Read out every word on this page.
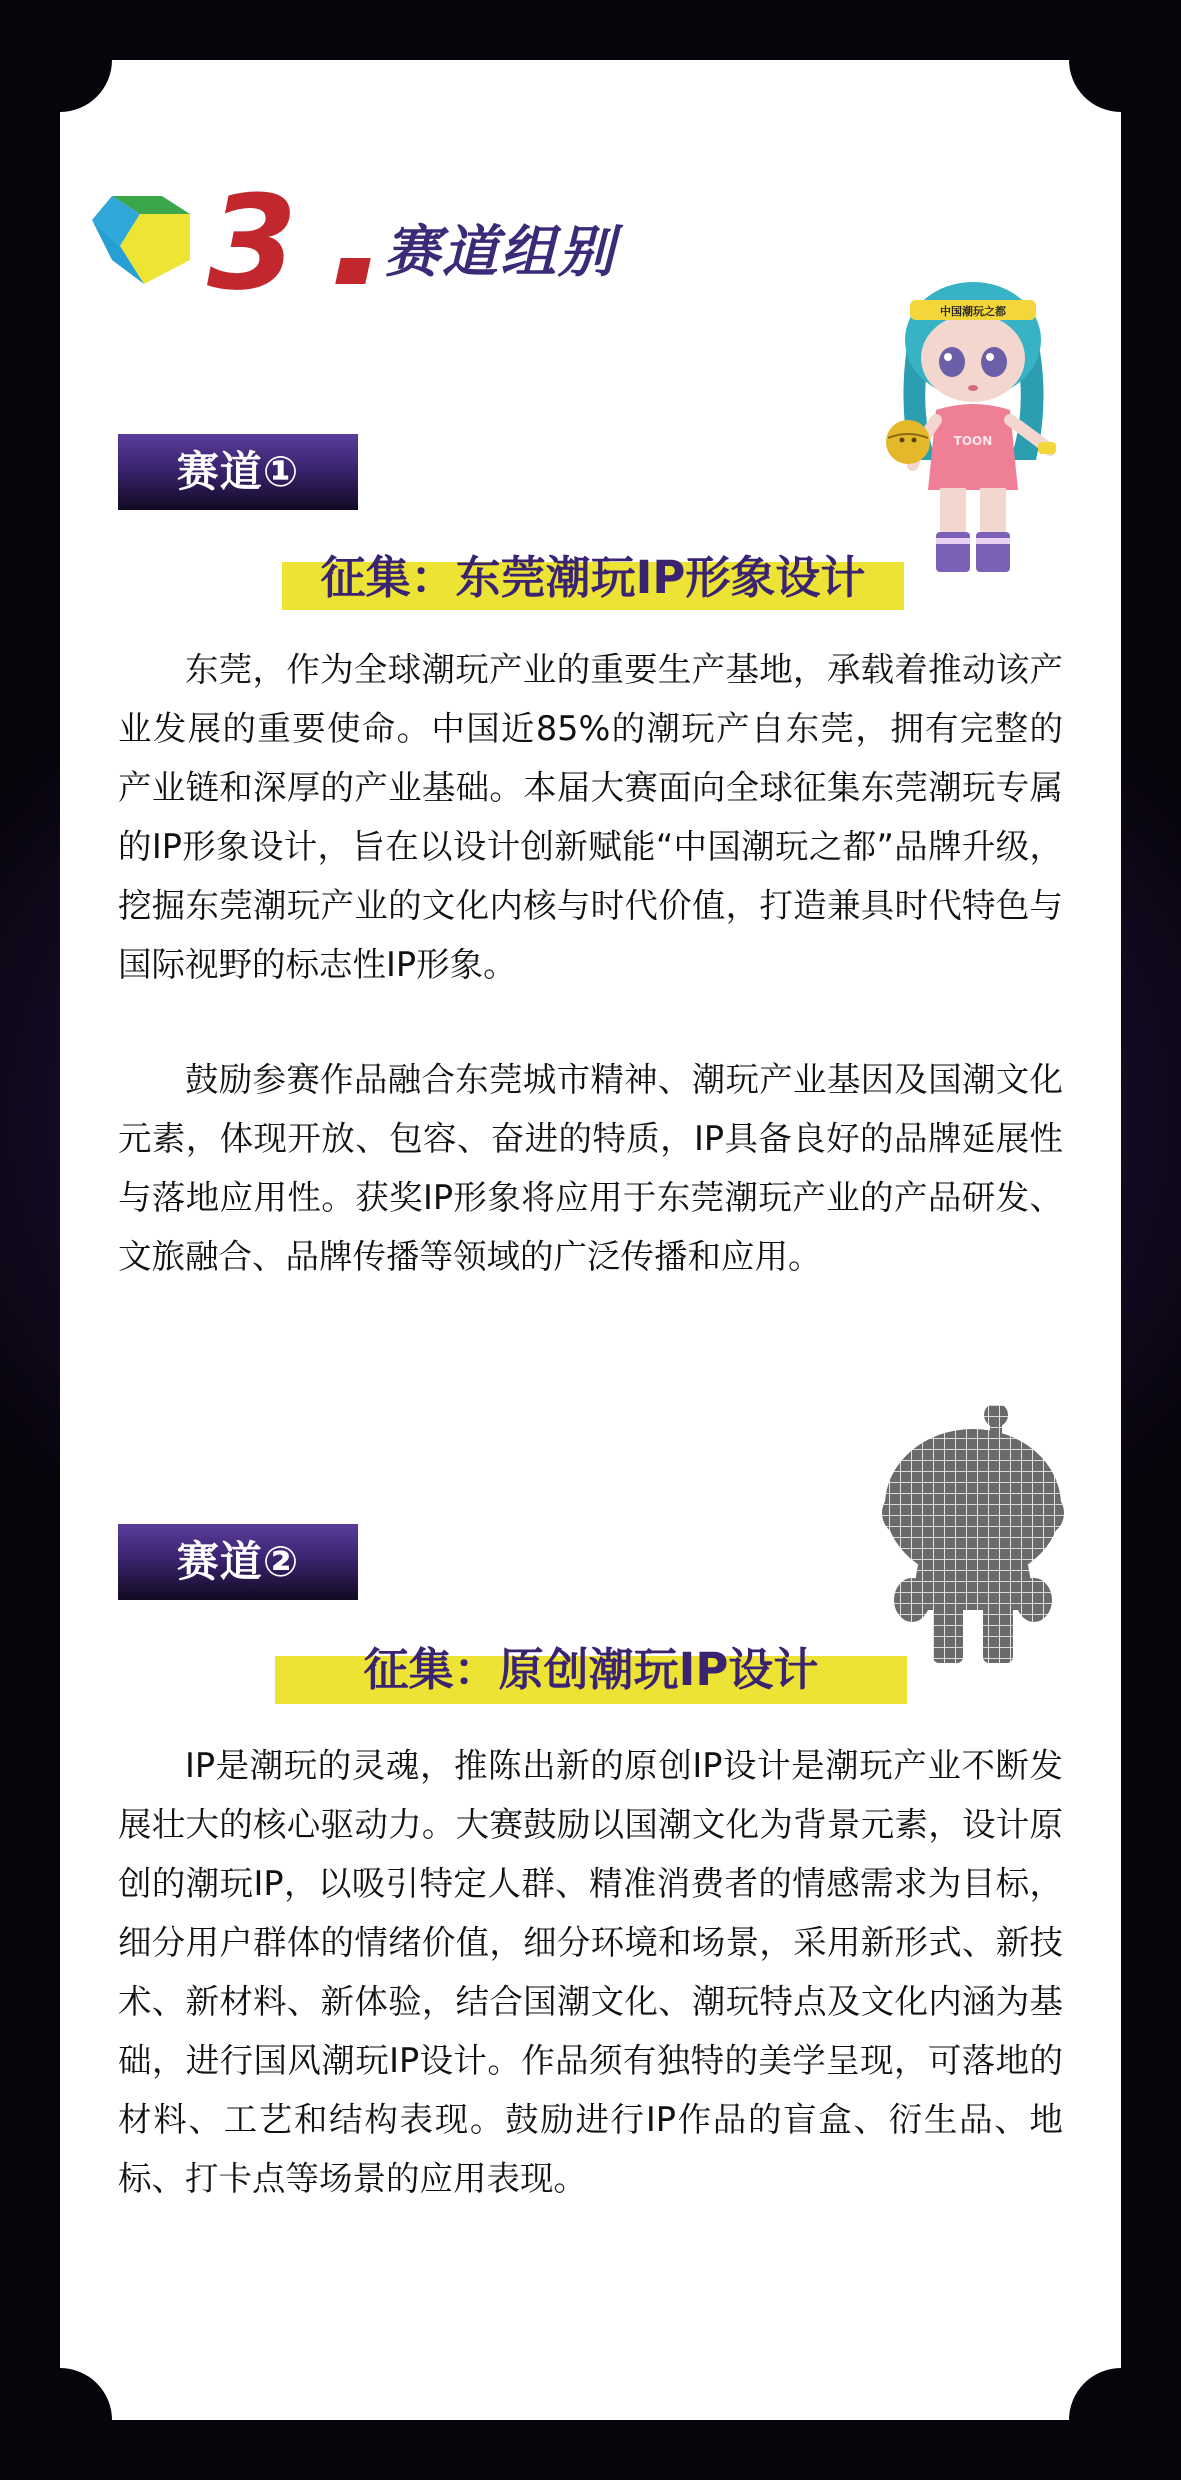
3 赛道组别
赛道①
征集：东莞潮玩IP形象设计
中国潮玩之都
TOON

东莞，作为全球潮玩产业的重要生产基地，承载着推动该产业发展的重要使命。中国近85%的潮玩产自东莞，拥有完整的产业链和深厚的产业基础。本届大赛面向全球征集东莞潮玩专属的IP形象设计，旨在以设计创新赋能“中国潮玩之都”品牌升级，挖掘东莞潮玩产业的文化内核与时代价值，打造兼具时代特色与国际视野的标志性IP形象。

鼓励参赛作品融合东莞城市精神、潮玩产业基因及国潮文化元素，体现开放、包容、奋进的特质，IP具备良好的品牌延展性与落地应用性。获奖IP形象将应用于东莞潮玩产业的产品研发、文旅融合、品牌传播等领域的广泛传播和应用。

赛道②
征集：原创潮玩IP设计

IP是潮玩的灵魂，推陈出新的原创IP设计是潮玩产业不断发展壮大的核心驱动力。大赛鼓励以国潮文化为背景元素，设计原创的潮玩IP，以吸引特定人群、精准消费者的情感需求为目标，细分用户群体的情绪价值，细分环境和场景，采用新形式、新技术、新材料、新体验，结合国潮文化、潮玩特点及文化内涵为基础，进行国风潮玩IP设计。作品须有独特的美学呈现，可落地的材料、工艺和结构表现。鼓励进行IP作品的盲盒、衍生品、地标、打卡点等场景的应用表现。
